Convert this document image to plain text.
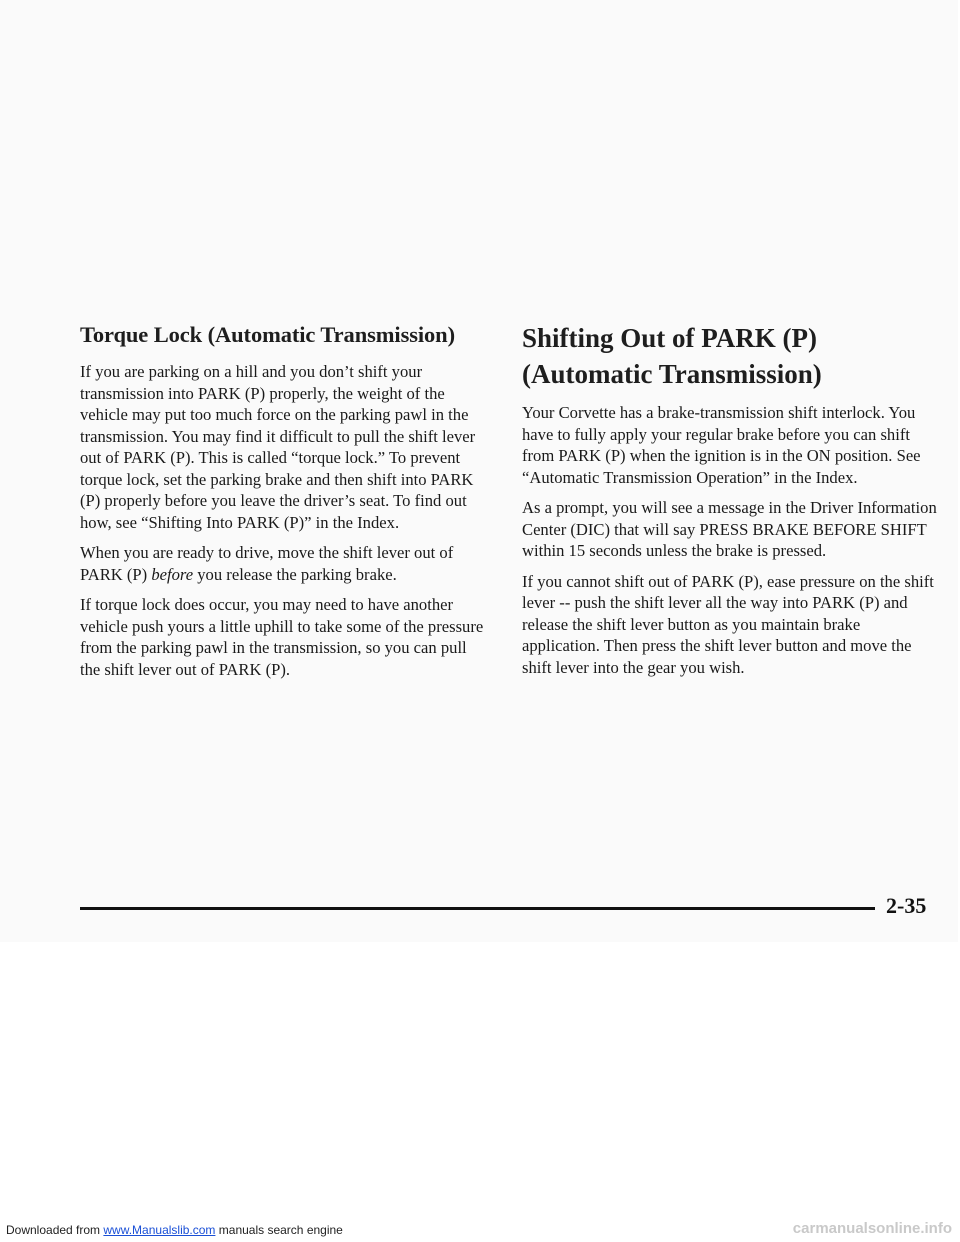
Torque Lock (Automatic Transmission)

If you are parking on a hill and you don’t shift your transmission into PARK (P) properly, the weight of the vehicle may put too much force on the parking pawl in the transmission. You may find it difficult to pull the shift lever out of PARK (P). This is called “torque lock.” To prevent torque lock, set the parking brake and then shift into PARK (P) properly before you leave the driver’s seat. To find out how, see “Shifting Into PARK (P)” in the Index.

When you are ready to drive, move the shift lever out of PARK (P) before you release the parking brake.

If torque lock does occur, you may need to have another vehicle push yours a little uphill to take some of the pressure from the parking pawl in the transmission, so you can pull the shift lever out of PARK (P).

Shifting Out of PARK (P) (Automatic Transmission)

Your Corvette has a brake-transmission shift interlock. You have to fully apply your regular brake before you can shift from PARK (P) when the ignition is in the ON position. See “Automatic Transmission Operation” in the Index.

As a prompt, you will see a message in the Driver Information Center (DIC) that will say PRESS BRAKE BEFORE SHIFT within 15 seconds unless the brake is pressed.

If you cannot shift out of PARK (P), ease pressure on the shift lever -- push the shift lever all the way into PARK (P) and release the shift lever button as you maintain brake application. Then press the shift lever button and move the shift lever into the gear you wish.

2-35
Downloaded from www.Manualslib.com manuals search engine	carmanualsonline.info
